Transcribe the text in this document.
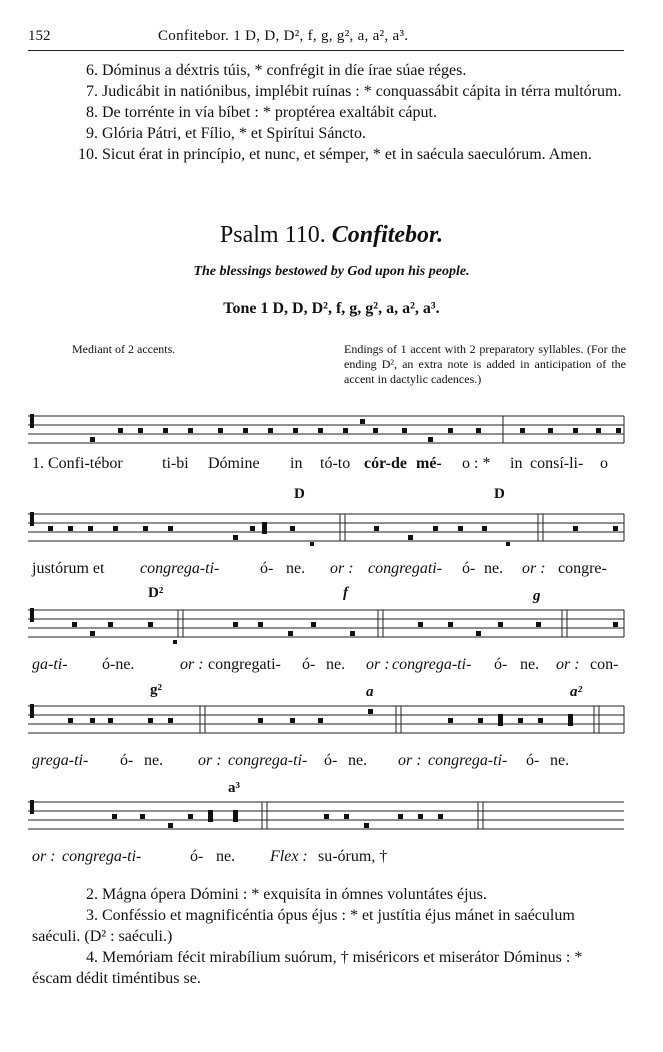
152	Confitebor. 1 D, D, D², f, g, g², a, a², a³.
6. Dóminus a déxtris túis, * confrégit in díe írae súae réges.
7. Judicábit in natiónibus, implébit ruínas : * conquassábit cápita in térra multórum.
8. De torrénte in vía bíbet : * proptérea exaltábit cáput.
9. Glória Pátri, et Fílio, * et Spirítui Sáncto.
10. Sicut érat in princípio, et nunc, et sémper, * et in saécula saeculórum. Amen.
Psalm 110. Confitebor.
The blessings bestowed by God upon his people.
Tone 1 D, D, D², f, g, g², a, a², a³.
Mediant of 2 accents.	Endings of 1 accent with 2 preparatory syllables. (For the ending D², an extra note is added in anticipation of the accent in dactylic cadences.)
1. Confi-tébor ti-bi Dómine in tó-to cór-de mé- o : * in consí-li- o
D	D
justórum et congrega-ti-	ó- ne. or : congregati- ó- ne. or : congre-
D²	f	g
ga-ti- ó-ne.	or : congregati- ó- ne. or : congrega-ti- ó- ne. or : con-
g²	a	a²
grega-ti- ó- ne. or : congrega-ti- ó- ne. or : congrega-ti- ó- ne.
a³
or : congrega-ti-	ó- ne. Flex : su-órum, †
2. Mágna ópera Dómini : * exquisíta in ómnes voluntátes éjus.
3. Conféssio et magnificéntia ópus éjus : * et justítia éjus mánet in saéculum saéculi. (D² : saéculi.)
4. Memóriam fécit mirabílium suórum, † miséricors et miserátor Dóminus : * éscam dédit timéntibus se.
